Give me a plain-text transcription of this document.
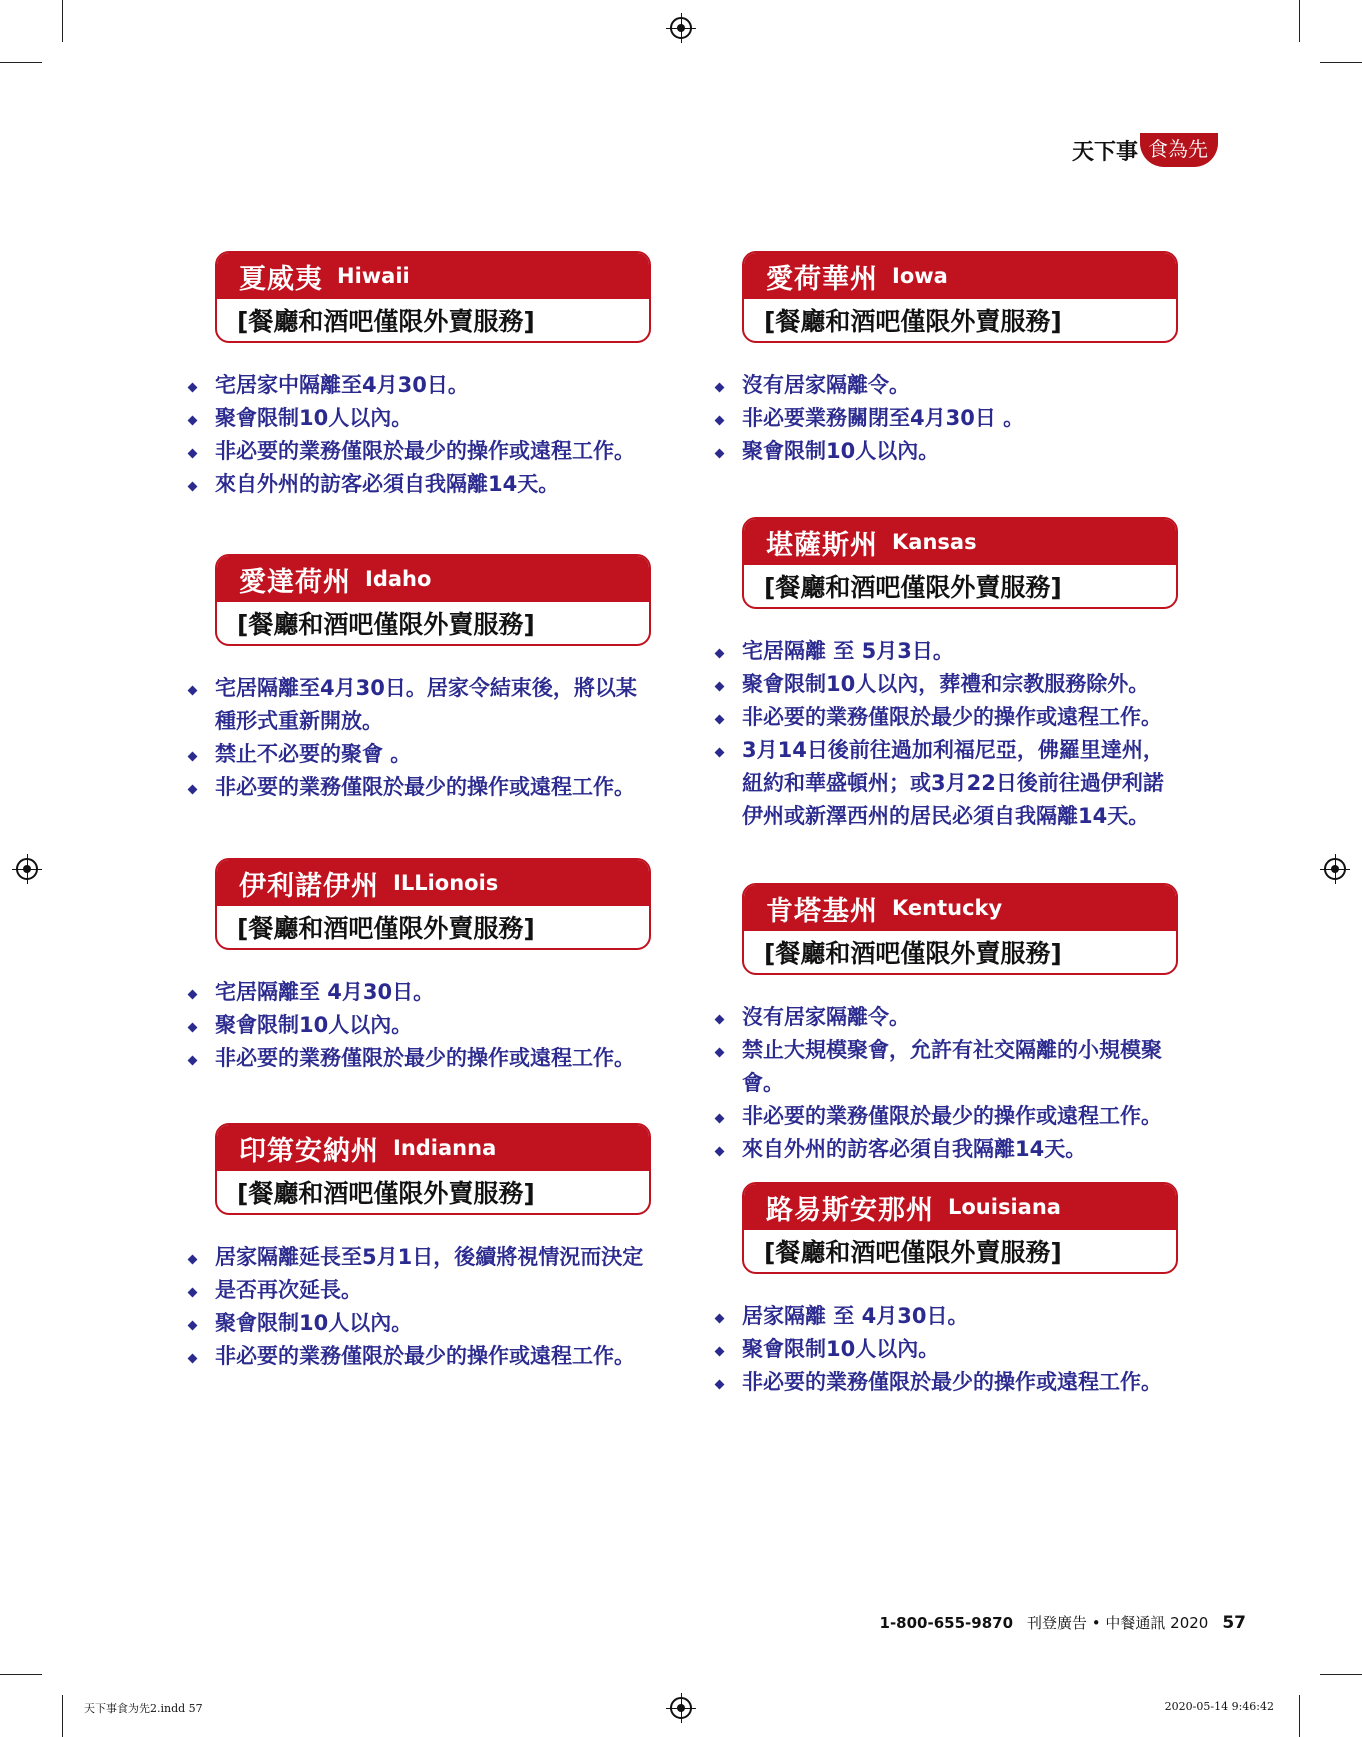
天下事 食為先
夏威夷 Hiwaii
[餐廳和酒吧僅限外賣服務]
宅居家中隔離至4月30日。
聚會限制10人以內。
非必要的業務僅限於最少的操作或遠程工作。
來自外州的訪客必須自我隔離14天。
愛達荷州 Idaho
[餐廳和酒吧僅限外賣服務]
宅居隔離至4月30日。居家令結束後，將以某種形式重新開放。
禁止不必要的聚會 。
非必要的業務僅限於最少的操作或遠程工作。
伊利諾伊州 ILLionois
[餐廳和酒吧僅限外賣服務]
宅居隔離至 4月30日。
聚會限制10人以內。
非必要的業務僅限於最少的操作或遠程工作。
印第安納州 Indianna
[餐廳和酒吧僅限外賣服務]
居家隔離延長至5月1日，後續將視情況而決定
是否再次延長。
聚會限制10人以內。
非必要的業務僅限於最少的操作或遠程工作。
愛荷華州 Iowa
[餐廳和酒吧僅限外賣服務]
沒有居家隔離令。
非必要業務關閉至4月30日 。
聚會限制10人以內。
堪薩斯州 Kansas
[餐廳和酒吧僅限外賣服務]
宅居隔離 至 5月3日。
聚會限制10人以內，葬禮和宗教服務除外。
非必要的業務僅限於最少的操作或遠程工作。
3月14日後前往過加利福尼亞，佛羅里達州，紐約和華盛頓州；或3月22日後前往過伊利諾伊州或新澤西州的居民必須自我隔離14天。
肯塔基州 Kentucky
[餐廳和酒吧僅限外賣服務]
沒有居家隔離令。
禁止大規模聚會，允許有社交隔離的小規模聚會。
非必要的業務僅限於最少的操作或遠程工作。
來自外州的訪客必須自我隔離14天。
路易斯安那州 Louisiana
[餐廳和酒吧僅限外賣服務]
居家隔離 至 4月30日。
聚會限制10人以內。
非必要的業務僅限於最少的操作或遠程工作。
1-800-655-9870 刊登廣告 • 中餐通訊 2020 57
天下事食为先2.indd 57	2020-05-14 9:46:42
